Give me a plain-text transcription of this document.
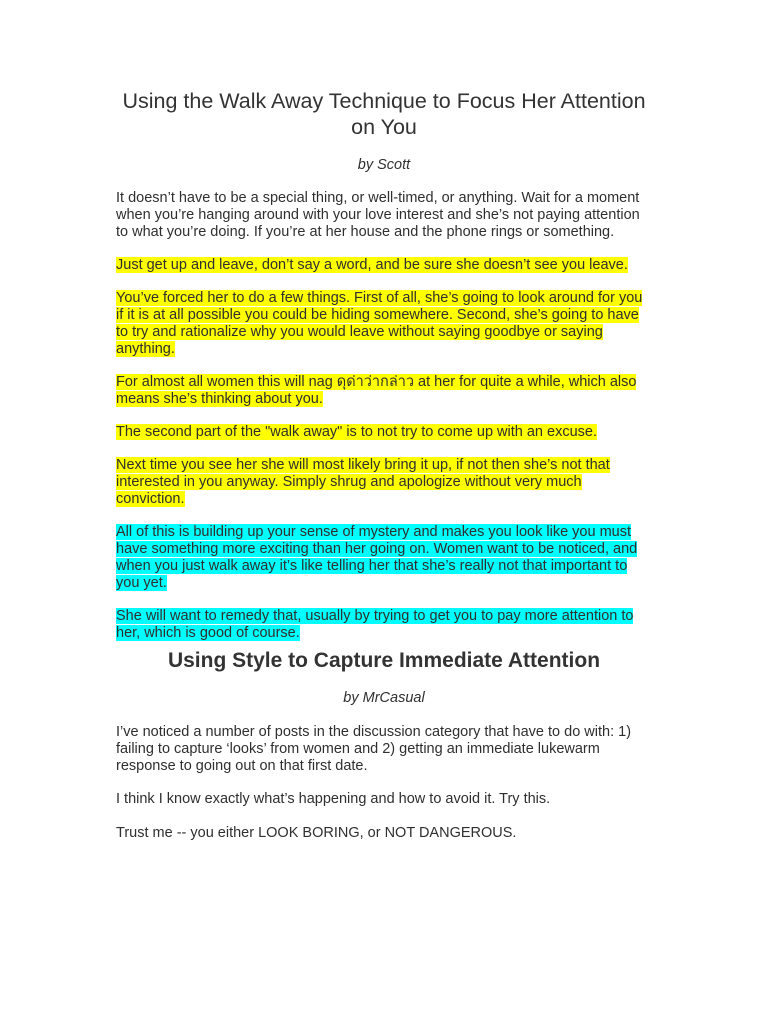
Using the Walk Away Technique to Focus Her Attention on You

by Scott

It doesn’t have to be a special thing, or well-timed, or anything. Wait for a moment when you’re hanging around with your love interest and she’s not paying attention to what you’re doing. If you’re at her house and the phone rings or something.

Just get up and leave, don’t say a word, and be sure she doesn’t see you leave.

You’ve forced her to do a few things. First of all, she’s going to look around for you if it is at all possible you could be hiding somewhere. Second, she’s going to have to try and rationalize why you would leave without saying goodbye or saying anything.

For almost all women this will nag ดุด่าว่ากล่าว at her for quite a while, which also means she’s thinking about you.

The second part of the "walk away" is to not try to come up with an excuse.

Next time you see her she will most likely bring it up, if not then she’s not that interested in you anyway. Simply shrug and apologize without very much conviction.

All of this is building up your sense of mystery and makes you look like you must have something more exciting than her going on. Women want to be noticed, and when you just walk away it’s like telling her that she’s really not that important to you yet.

She will want to remedy that, usually by trying to get you to pay more attention to her, which is good of course.

Using Style to Capture Immediate Attention

by MrCasual

I’ve noticed a number of posts in the discussion category that have to do with: 1) failing to capture ‘looks’ from women and 2) getting an immediate lukewarm response to going out on that first date.

I think I know exactly what’s happening and how to avoid it. Try this.

Trust me -- you either LOOK BORING, or NOT DANGEROUS.
